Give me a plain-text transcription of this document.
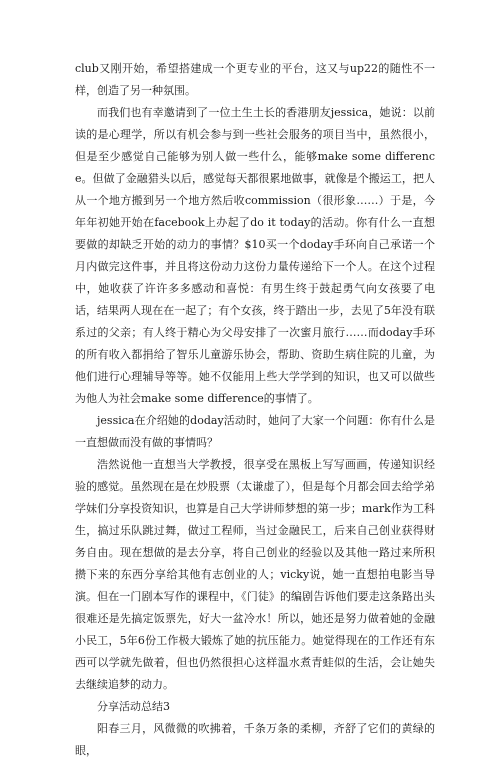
club又刚开始，希望搭建成一个更专业的平台，这又与up22的随性不一样，创造了另一种氛围。

而我们也有幸邀请到了一位土生土长的香港朋友jessica，她说：以前读的是心理学，所以有机会参与到一些社会服务的项目当中，虽然很小，但是至少感觉自己能够为别人做一些什么，能够make some difference。但做了金融猎头以后，感觉每天都很累地做事，就像是个搬运工，把人从一个地方搬到另一个地方然后收commission（很形象……）于是，今年年初她开始在facebook上办起了do it today的活动。你有什么一直想要做的却缺乏开始的动力的事情？$10买一个doday手环向自己承诺一个月内做完这件事，并且将这份动力这份力量传递给下一个人。在这个过程中，她收获了许许多多感动和喜悦：有男生终于鼓起勇气向女孩要了电话，结果两人现在在一起了；有个女孩，终于踏出一步，去见了5年没有联系过的父亲；有人终于精心为父母安排了一次蜜月旅行……而doday手环的所有收入都捐给了智乐儿童游乐协会，帮助、资助生病住院的儿童，为他们进行心理辅导等等。她不仅能用上些大学学到的知识，也又可以做些为他人为社会make some difference的事情了。

jessica在介绍她的doday活动时，她问了大家一个问题：你有什么是一直想做而没有做的事情吗？

浩然说他一直想当大学教授，很享受在黑板上写写画画，传递知识经验的感觉。虽然现在是在炒股票（太谦虚了），但是每个月都会回去给学弟学妹们分享投资知识，也算是自己大学讲师梦想的第一步；mark作为工科生，搞过乐队跳过舞，做过工程师，当过金融民工，后来自己创业获得财务自由。现在想做的是去分享，将自己创业的经验以及其他一路过来所积攒下来的东西分享给其他有志创业的人；vicky说，她一直想拍电影当导演。但在一门剧本写作的课程中，《门徒》的编剧告诉他们要走这条路出头很难还是先搞定饭票先，好大一盆冷水！所以，她还是努力做着她的金融小民工，5年6份工作极大锻炼了她的抗压能力。她觉得现在的工作还有东西可以学就先做着，但也仍然很担心这样温水煮青蛙似的生活，会让她失去继续追梦的动力。

分享活动总结3

阳春三月，风微微的吹拂着，千条万条的柔柳，齐舒了它们的黄绿的眼，
